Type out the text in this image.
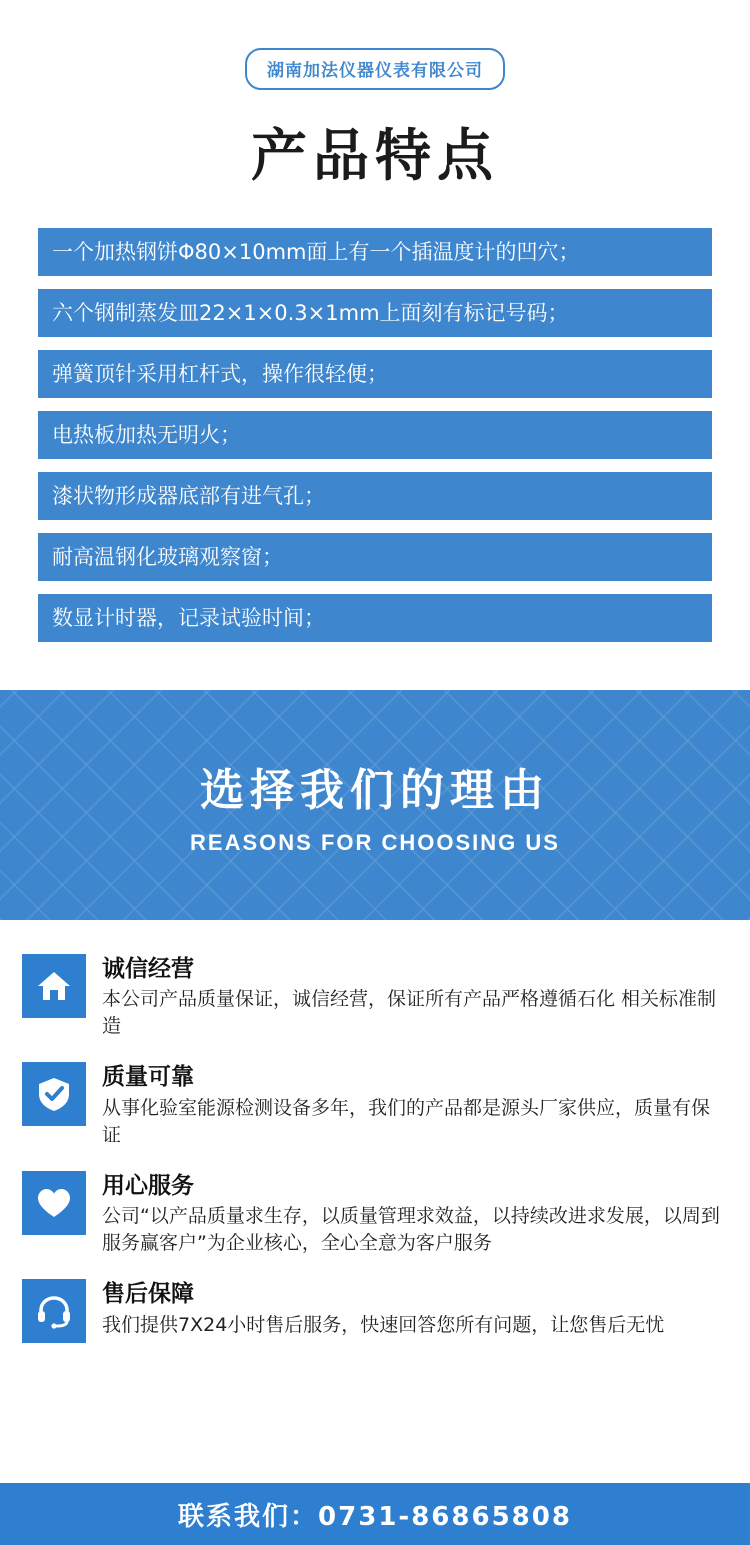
湖南加法仪器仪表有限公司
产品特点
一个加热钢饼Φ80×10mm面上有一个插温度计的凹穴；
六个钢制蒸发皿22×1×0.3×1mm上面刻有标记号码；
弹簧顶针采用杠杆式，操作很轻便；
电热板加热无明火；
漆状物形成器底部有进气孔；
耐高温钢化玻璃观察窗；
数显计时器，记录试验时间；
选择我们的理由
REASONS FOR CHOOSING US
诚信经营
本公司产品质量保证，诚信经营，保证所有产品严格遵循石化 相关标准制造
质量可靠
从事化验室能源检测设备多年，我们的产品都是源头厂家供应，质量有保证
用心服务
公司“以产品质量求生存，以质量管理求效益，以持续改进求发展，以周到服务赢客户”为企业核心，全心全意为客户服务
售后保障
我们提供7X24小时售后服务，快速回答您所有问题，让您售后无忧
联系我们：0731-86865808
